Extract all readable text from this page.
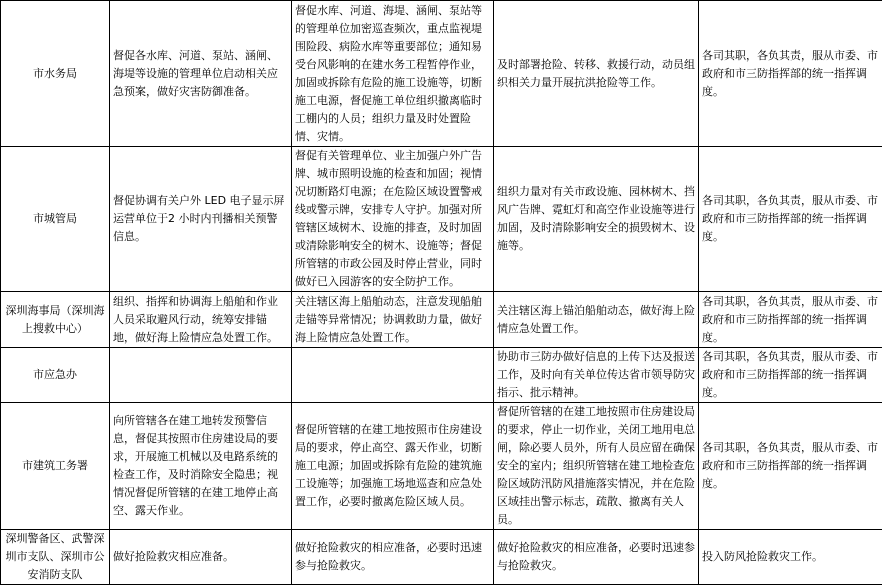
市水务局	督促各水库、河道、泵站、涵闸、海堤等设施的管理单位启动相关应急预案，做好灾害防御准备。	督促水库、河道、海堤、涵闸、泵站等的管理单位加密巡查频次，重点监视堤围险段、病险水库等重要部位；通知易受台风影响的在建水务工程暂停作业，加固或拆除有危险的施工设施等，切断施工电源，督促施工单位组织撤离临时工棚内的人员；组织力量及时处置险情、灾情。	及时部署抢险、转移、救援行动，动员组织相关力量开展抗洪抢险等工作。	各司其职，各负其责，服从市委、市政府和市三防指挥部的统一指挥调度。
市城管局	督促协调有关户外 LED 电子显示屏运营单位于2 小时内刊播相关预警信息。	督促有关管理单位、业主加强户外广告牌、城市照明设施的检查和加固；视情况切断路灯电源；在危险区域设置警戒线或警示牌，安排专人守护。加强对所管辖区域树木、设施的排查，及时加固或清除影响安全的树木、设施等；督促所管辖的市政公园及时停止营业，同时做好已入园游客的安全防护工作。	组织力量对有关市政设施、园林树木、挡风广告牌、霓虹灯和高空作业设施等进行加固，及时清除影响安全的损毁树木、设施等。	各司其职，各负其责，服从市委、市政府和市三防指挥部的统一指挥调度。
深圳海事局（深圳海上搜救中心）	组织、指挥和协调海上船舶和作业人员采取避风行动，统筹安排锚地，做好海上险情应急处置工作。	关注辖区海上船舶动态，注意发现船舶走锚等异常情况；协调救助力量，做好海上险情应急处置工作。	关注辖区海上锚泊船舶动态，做好海上险情应急处置工作。	各司其职，各负其责，服从市委、市政府和市三防指挥部的统一指挥调度。
市应急办			协助市三防办做好信息的上传下达及报送工作，及时向有关单位传达省市领导防灾指示、批示精神。	各司其职，各负其责，服从市委、市政府和市三防指挥部的统一指挥调度。
市建筑工务署	向所管辖各在建工地转发预警信息，督促其按照市住房建设局的要求，开展施工机械以及电路系统的检查工作，及时消除安全隐患；视情况督促所管辖的在建工地停止高空、露天作业。	督促所管辖的在建工地按照市住房建设局的要求，停止高空、露天作业，切断施工电源；加固或拆除有危险的建筑施工设施等；加强施工场地巡查和应急处置工作，必要时撤离危险区域人员。	督促所管辖的在建工地按照市住房建设局的要求，停止一切作业，关闭工地用电总闸，除必要人员外，所有人员应留在确保安全的室内；组织所管辖在建工地检查危险区域防汛防风措施落实情况，并在危险区域挂出警示标志，疏散、撤离有关人员。	各司其职，各负其责，服从市委、市政府和市三防指挥部的统一指挥调度。
深圳警备区、武警深圳市支队、深圳市公安消防支队	做好抢险救灾相应准备。	做好抢险救灾的相应准备，必要时迅速参与抢险救灾。	做好抢险救灾的相应准备，必要时迅速参与抢险救灾。	投入防风抢险救灾工作。
